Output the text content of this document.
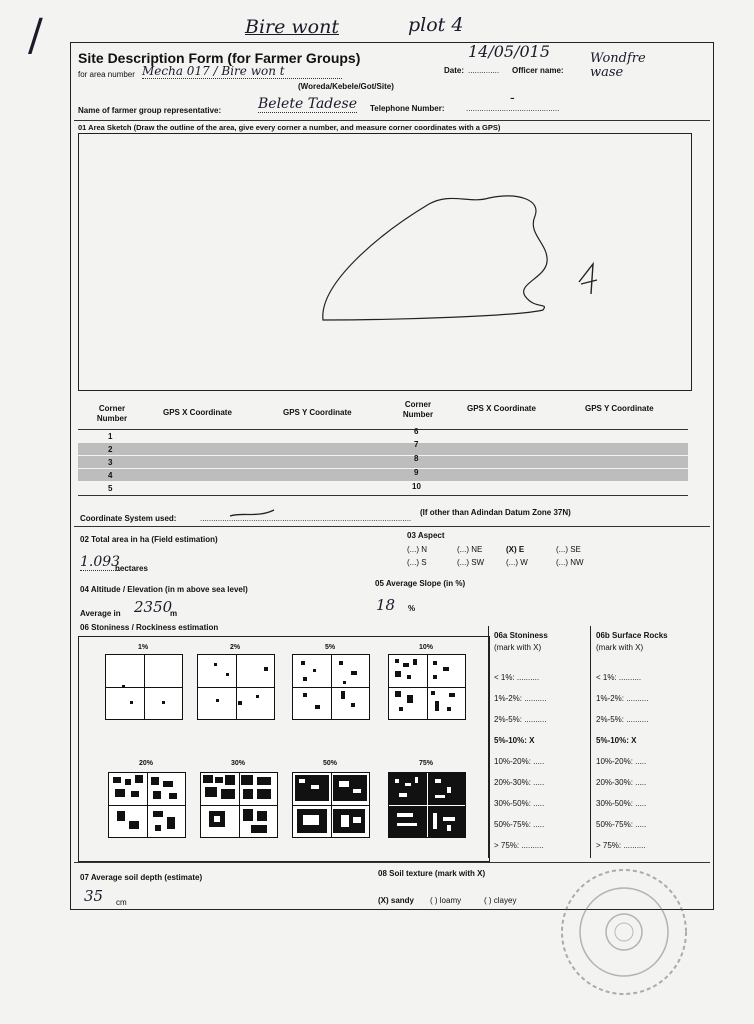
/	Bire wont	plot 4
Site Description Form (for Farmer Groups)
for area number Mecha 017 / Bire won t
(Woreda/Kebele/Got/Site)
Date:
14/05/015
.............. Officer name:
Wondfre wase
Name of farmer group representative:	Belete Tadese Telephone Number:	..........................................
-
01 Area Sketch (Draw the outline of the area, give every corner a number, and measure corner coordinates with a GPS)
Corner Number
GPS X Coordinate	GPS Y Coordinate
Corner Number
GPS X Coordinate	GPS Y Coordinate
1
2
3
4
5
6
7
8
9
10
Coordinate System used:	...............................................................................................
(If other than Adindan Datum Zone 37N)
02 Total area in ha (Field estimation)
1.093
hectares
03 Aspect
(...) N	(...) NE	(X) E	(...) SE
(...) S	(...) SW	(...) W	(...) NW
04 Altitude / Elevation (in m above sea level)
Average in 2350
m
05 Average Slope (in %)
18 %
06 Stoniness / Rockiness estimation
1%	2%	5%	10%
20%	30%	50%	75%
06a Stoniness
(mark with X)
06b Surface Rocks
(mark with X)
< 1%: ..........
1%-2%: ..........
2%-5%: ..........
5%-10%: X
10%-20%: .....
20%-30%: .....
30%-50%: .....
50%-75%: .....
> 75%: ..........
< 1%: ..........
1%-2%: ..........
2%-5%: ..........
5%-10%: X
10%-20%: .....
20%-30%: .....
30%-50%: .....
50%-75%: .....
> 75%: ..........
07 Average soil depth (estimate)
35 cm
08 Soil texture (mark with X)
(X) sandy ( ) loamy	( ) clayey
